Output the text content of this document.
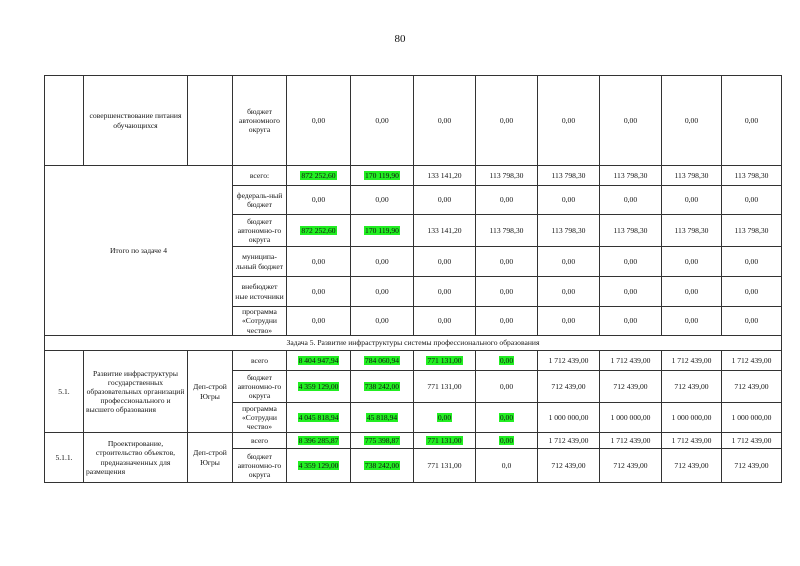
80
	совершенствование питания обучающихся		бюджет автономного округа	0,00	0,00	0,00	0,00	0,00	0,00	0,00	0,00
Итого по задаче 4			всего:	872 252,60	170 119,90	133 141,20	113 798,30	113 798,30	113 798,30	113 798,30	113 798,30
			федераль-ный бюджет	0,00	0,00	0,00	0,00	0,00	0,00	0,00	0,00
			бюджет автономно-го округа	872 252,60	170 119,90	133 141,20	113 798,30	113 798,30	113 798,30	113 798,30	113 798,30
			муниципа-льный бюджет	0,00	0,00	0,00	0,00	0,00	0,00	0,00	0,00
			внебюджет ные источники	0,00	0,00	0,00	0,00	0,00	0,00	0,00	0,00
			программа «Сотрудни чество»	0,00	0,00	0,00	0,00	0,00	0,00	0,00	0,00
Задача 5. Развитие инфраструктуры системы профессионального образования											
5.1.	Развитие инфраструктуры государственных образовательных организаций профессионального и высшего образования	Деп-строй Югры	всего	8 404 947,94	784 060,94	771 131,00	0,00	1 712 439,00	1 712 439,00	1 712 439,00	1 712 439,00
			бюджет автономно-го округа	4 359 129,00	738 242,00	771 131,00	0,00	712 439,00	712 439,00	712 439,00	712 439,00
			программа «Сотрудни чество»	4 045 818,94	45 818,94	0,00	0,00	1 000 000,00	1 000 000,00	1 000 000,00	1 000 000,00
5.1.1.	Проектирование, строительство объектов, предназначенных для размещения	Деп-строй Югры	всего	8 396 285,87	775 398,87	771 131,00	0,00	1 712 439,00	1 712 439,00	1 712 439,00	1 712 439,00
			бюджет автономно-го округа	4 359 129,00	738 242,00	771 131,00	0,0	712 439,00	712 439,00	712 439,00	712 439,00
